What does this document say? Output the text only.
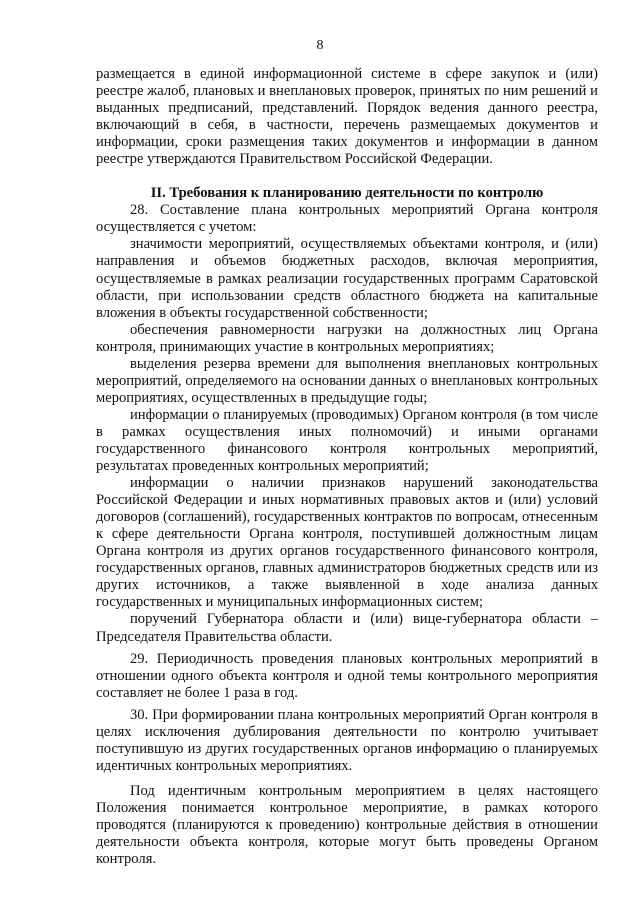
8

размещается в единой информационной системе в сфере закупок и (или) реестре жалоб, плановых и внеплановых проверок, принятых по ним решений и выданных предписаний, представлений. Порядок ведения данного реестра, включающий в себя, в частности, перечень размещаемых документов и информации, сроки размещения таких документов и информации в данном реестре утверждаются Правительством Российской Федерации.

II. Требования к планированию деятельности по контролю

28. Составление плана контрольных мероприятий Органа контроля осуществляется с учетом:

значимости мероприятий, осуществляемых объектами контроля, и (или) направления и объемов бюджетных расходов, включая мероприятия, осуществляемые в рамках реализации государственных программ Саратовской области, при использовании средств областного бюджета на капитальные вложения в объекты государственной собственности;

обеспечения равномерности нагрузки на должностных лиц Органа контроля, принимающих участие в контрольных мероприятиях;

выделения резерва времени для выполнения внеплановых контрольных мероприятий, определяемого на основании данных о внеплановых контрольных мероприятиях, осуществленных в предыдущие годы;

информации о планируемых (проводимых) Органом контроля (в том числе в рамках осуществления иных полномочий) и иными органами государственного финансового контроля контрольных мероприятий, результатах проведенных контрольных мероприятий;

информации о наличии признаков нарушений законодательства Российской Федерации и иных нормативных правовых актов и (или) условий договоров (соглашений), государственных контрактов по вопросам, отнесенным к сфере деятельности Органа контроля, поступившей должностным лицам Органа контроля из других органов государственного финансового контроля, государственных органов, главных администраторов бюджетных средств или из других источников, а также выявленной в ходе анализа данных государственных и муниципальных информационных систем;

поручений Губернатора области и (или) вице-губернатора области – Председателя Правительства области.

29. Периодичность проведения плановых контрольных мероприятий в отношении одного объекта контроля и одной темы контрольного мероприятия составляет не более 1 раза в год.

30. При формировании плана контрольных мероприятий Орган контроля в целях исключения дублирования деятельности по контролю учитывает поступившую из других государственных органов информацию о планируемых идентичных контрольных мероприятиях.

Под идентичным контрольным мероприятием в целях настоящего Положения понимается контрольное мероприятие, в рамках которого проводятся (планируются к проведению) контрольные действия в отношении деятельности объекта контроля, которые могут быть проведены Органом контроля.
